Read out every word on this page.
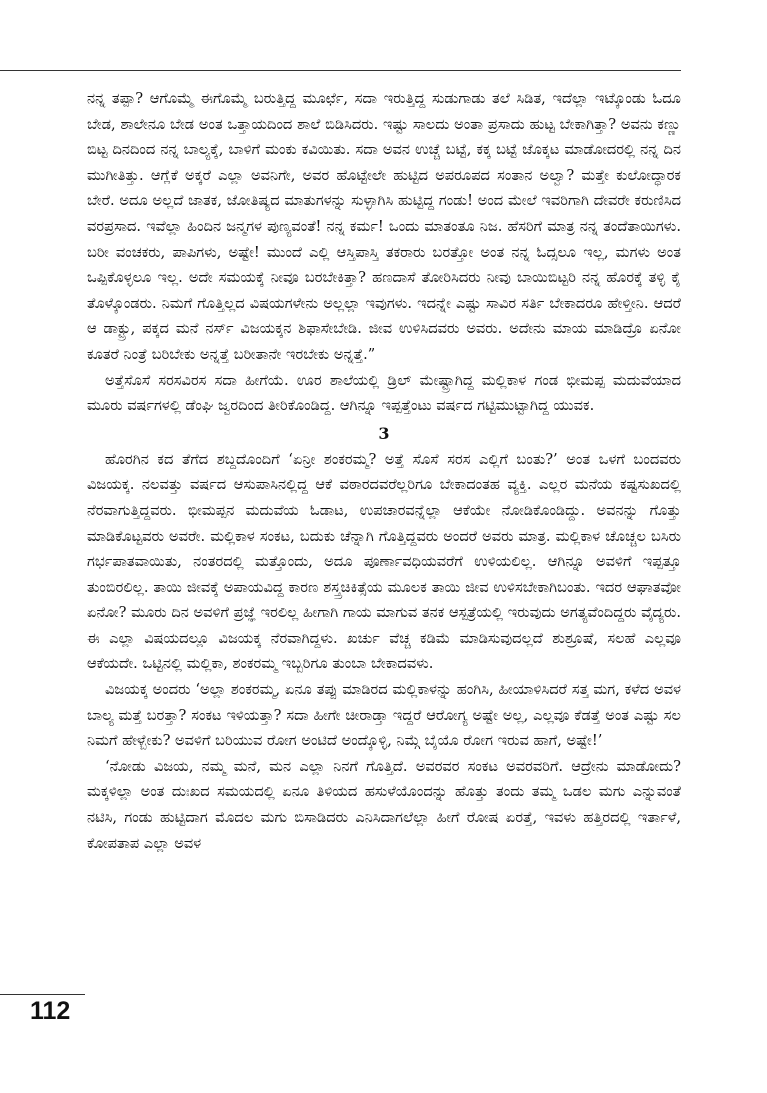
ನನ್ನ ತಪ್ಪಾ? ಆಗೊಮ್ಮೆ ಈಗೊಮ್ಮೆ ಬರುತ್ತಿದ್ದ ಮೂರ್ಛೆ, ಸದಾ ಇರುತ್ತಿದ್ದ ಸುಡುಗಾಡು ತಲೆ ಸಿಡಿತ, ಇದೆಲ್ಲಾ ಇಟ್ಕೊಂಡು ಓದೂ ಬೇಡ, ಶಾಲೇನೂ ಬೇಡ ಅಂತ ಒತ್ತಾಯದಿಂದ ಶಾಲೆ ಬಿಡಿಸಿದರು. ಇಷ್ಟು ಸಾಲದು ಅಂತಾ ಪ್ರಸಾದು ಹುಟ್ಟ ಬೇಕಾಗಿತ್ತಾ? ಅವನು ಕಣ್ಣು ಬಿಟ್ಟ ದಿನದಿಂದ ನನ್ನ ಬಾಲ್ಯಕ್ಕೆ, ಬಾಳಿಗೆ ಮಂಕು ಕವಿಯಿತು. ಸದಾ ಅವನ ಉಚ್ಚೆ ಬಟ್ಟೆ, ಕಕ್ಕ ಬಟ್ಟೆ ಜೊಕ್ಕಟ ಮಾಡೋದರಲ್ಲಿ ನನ್ನ ದಿನ ಮುಗೀತಿತ್ತು. ಆಗ್ಲೆಕೆ ಅಕ್ಕರೆ ಎಲ್ಲಾ ಅವನಿಗೇ, ಅವರ ಹೊಟ್ಟೇಲೇ ಹುಟ್ಟಿದ ಅಪರೂಪದ ಸಂತಾನ ಅಲ್ವಾ? ಮತ್ತೇ ಕುಲೋದ್ಧಾರಕ ಬೇರೆ. ಅದೂ ಅಲ್ಲದೆ ಜಾತಕ, ಜೋತಿಷ್ಯದ ಮಾತುಗಳನ್ನು ಸುಳ್ಳಾಗಿಸಿ ಹುಟ್ಟಿದ್ದ ಗಂಡು! ಅಂದ ಮೇಲೆ ಇವರಿಗಾಗಿ ದೇವರೇ ಕರುಣಿಸಿದ ವರಪ್ರಸಾದ. ಇವೆಲ್ಲಾ ಹಿಂದಿನ ಜನ್ಮಗಳ ಪುಣ್ಯವಂತೆ! ನನ್ನ ಕರ್ಮ! ಒಂದು ಮಾತಂತೂ ನಿಜ. ಹೆಸರಿಗೆ ಮಾತ್ರ ನನ್ನ ತಂದೆತಾಯಿಗಳು. ಬರೀ ವಂಚಕರು, ಪಾಪಿಗಳು, ಅಷ್ಟೇ! ಮುಂದೆ ಎಲ್ಲಿ ಆಸ್ತಿಪಾಸ್ತಿ ತಕರಾರು ಬರತ್ತೋ ಅಂತ ನನ್ನ ಓದ್ಸಲೂ ಇಲ್ಲ, ಮಗಳು ಅಂತ ಒಪ್ಪಿಕೊಳ್ಳಲೂ ಇಲ್ಲ. ಅದೇ ಸಮಯಕ್ಕೆ ನೀವೂ ಬರಬೇಕಿತ್ತಾ? ಹಣದಾಸೆ ತೋರಿಸಿದರು ನೀವು ಬಾಯಿಬಿಟ್ಟರಿ ನನ್ನ ಹೊರಕ್ಕೆ ತಳ್ಳಿ ಕೈ ತೊಳ್ಕೊಂಡರು. ನಿಮಗೆ ಗೊತ್ತಿಲ್ಲದ ವಿಷಯಗಳೇನು ಅಲ್ಲಲ್ಲಾ ಇವುಗಳು. ಇದನ್ನೇ ಎಷ್ಟು ಸಾವಿರ ಸರ್ತಿ ಬೇಕಾದರೂ ಹೇಳ್ತೀನಿ. ಆದರೆ ಆ ಡಾಕ್ಟ್ರು, ಪಕ್ಕದ ಮನೆ ನರ್ಸ್ ವಿಜಯಕ್ಕನ ಶಿಫಾಸೇಬೇಡಿ. ಜೀವ ಉಳಿಸಿದವರು ಅವರು. ಅದೇನು ಮಾಯ ಮಾಡಿದ್ರೊ ಏನೋ ಕೂತರೆ ನಿಂತ್ರೆ ಬರಿಬೇಕು ಅನ್ನತ್ತೆ ಬರೀತಾನೇ ಇರಬೇಕು ಅನ್ನತ್ತೆ.”

ಅತ್ತೆಸೊಸೆ ಸರಸವಿರಸ ಸದಾ ಹೀಗೆಯೆ. ಊರ ಶಾಲೆಯಲ್ಲಿ ಡ್ರಿಲ್ ಮೇಷ್ಟ್ರಾಗಿದ್ದ ಮಲ್ಲಿಕಾಳ ಗಂಡ ಭೀಮಪ್ಪ ಮದುವೆಯಾದ ಮೂರು ವರ್ಷಗಳಲ್ಲಿ ಡೆಂಘಿ ಜ್ವರದಿಂದ ತೀರಿಕೊಂಡಿದ್ದ. ಆಗಿನ್ನೂ ಇಪ್ಪತ್ತೆಂಟು ವರ್ಷದ ಗಟ್ಟಿಮುಟ್ಟಾಗಿದ್ದ ಯುವಕ.

3

ಹೊರಗಿನ ಕದ ತೆಗೆದ ಶಬ್ದದೊಂದಿಗೆ ‘ಏನ್ರೀ ಶಂಕರಮ್ಮ? ಅತ್ತೆ ಸೊಸೆ ಸರಸ ಎಲ್ಲಿಗೆ ಬಂತು?’ ಅಂತ ಒಳಗೆ ಬಂದವರು ವಿಜಯಕ್ಕ. ನಲವತ್ತು ವರ್ಷದ ಆಸುಪಾಸಿನಲ್ಲಿದ್ದ ಆಕೆ ವಠಾರದವರೆಲ್ಲರಿಗೂ ಬೇಕಾದಂತಹ ವ್ಯಕ್ತಿ. ಎಲ್ಲರ ಮನೆಯ ಕಷ್ಟಸುಖದಲ್ಲಿ ನೆರವಾಗುತ್ತಿದ್ದವರು. ಭೀಮಪ್ಪನ ಮದುವೆಯ ಓಡಾಟ, ಉಪಚಾರವನ್ನೆಲ್ಲಾ ಆಕೆಯೇ ನೋಡಿಕೊಂಡಿದ್ದು. ಅವನನ್ನು ಗೊತ್ತು ಮಾಡಿಕೊಟ್ಟವರು ಅವರೇ. ಮಲ್ಲಿಕಾಳ ಸಂಕಟ, ಬದುಕು ಚೆನ್ನಾಗಿ ಗೊತ್ತಿದ್ದವರು ಅಂದರೆ ಅವರು ಮಾತ್ರ. ಮಲ್ಲಿಕಾಳ ಚೊಚ್ಚಲ ಬಸಿರು ಗರ್ಭಪಾತವಾಯಿತು, ನಂತರದಲ್ಲಿ ಮತ್ತೊಂದು, ಅದೂ ಪೂರ್ಣಾವಧಿಯವರೆಗೆ ಉಳಿಯಲಿಲ್ಲ. ಆಗಿನ್ನೂ ಅವಳಿಗೆ ಇಪ್ಪತ್ತೂ ತುಂಬಿರಲಿಲ್ಲ. ತಾಯಿ ಜೀವಕ್ಕೆ ಅಪಾಯವಿದ್ದ ಕಾರಣ ಶಸ್ತ್ರಚಿಕಿತ್ಸೆಯ ಮೂಲಕ ತಾಯಿ ಜೀವ ಉಳಿಸಬೇಕಾಗಿಬಂತು. ಇದರ ಆಘಾತವೋ ಏನೋ? ಮೂರು ದಿನ ಅವಳಿಗೆ ಪ್ರಜ್ಞೆ ಇರಲಿಲ್ಲ ಹೀಗಾಗಿ ಗಾಯ ಮಾಗುವ ತನಕ ಆಸ್ಪತ್ರೆಯಲ್ಲಿ ಇರುವುದು ಅಗತ್ಯವೆಂದಿದ್ದರು ವೈದ್ಯರು. ಈ ಎಲ್ಲಾ ವಿಷಯದಲ್ಲೂ ವಿಜಯಕ್ಕ ನೆರವಾಗಿದ್ದಳು. ಖರ್ಚು ವೆಚ್ಚ ಕಡಿಮೆ ಮಾಡಿಸುವುದಲ್ಲದೆ ಶುಶ್ರೂಷೆ, ಸಲಹೆ ಎಲ್ಲವೂ ಆಕೆಯದೇ. ಒಟ್ಟಿನಲ್ಲಿ ಮಲ್ಲಿಕಾ, ಶಂಕರಮ್ಮ ಇಬ್ಬರಿಗೂ ತುಂಬಾ ಬೇಕಾದವಳು.

ವಿಜಯಕ್ಕ ಅಂದರು ‘ಅಲ್ಲಾ ಶಂಕರಮ್ಮ, ಏನೂ ತಪ್ಪು ಮಾಡಿರದ ಮಲ್ಲಿಕಾಳನ್ನು ಹಂಗಿಸಿ, ಹೀಯಾಳಿಸಿದರೆ ಸತ್ತ ಮಗ, ಕಳೆದ ಅವಳ ಬಾಲ್ಯ ಮತ್ತೆ ಬರತ್ತಾ? ಸಂಕಟ ಇಳಿಯತ್ತಾ? ಸದಾ ಹೀಗೇ ಚೀರಾಡ್ತಾ ಇದ್ದರೆ ಆರೋಗ್ಯ ಅಷ್ಟೇ ಅಲ್ಲ, ಎಲ್ಲವೂ ಕೆಡತ್ತೆ ಅಂತ ಎಷ್ಟು ಸಲ ನಿಮಗೆ ಹೇಳ್ಬೇಕು? ಅವಳಿಗೆ ಬರಿಯುವ ರೋಗ ಅಂಟಿದೆ ಅಂದ್ಕೊಳ್ಳಿ, ನಿಮ್ಗೆ ಬೈಯೊ ರೋಗ ಇರುವ ಹಾಗೆ, ಅಷ್ಟೇ!’

‘ನೋಡು ವಿಜಯ, ನಮ್ಮ ಮನೆ, ಮನ ಎಲ್ಲಾ ನಿನಗೆ ಗೊತ್ತಿದೆ. ಅವರವರ ಸಂಕಟ ಅವರವರಿಗೆ. ಆದ್ರೇನು ಮಾಡೋದು? ಮಕ್ಕಳಿಲ್ಲಾ ಅಂತ ದುಃಖದ ಸಮಯದಲ್ಲಿ ಏನೂ ತಿಳಿಯದ ಹಸುಳೆಯೊಂದನ್ನು ಹೊತ್ತು ತಂದು ತಮ್ಮ ಒಡಲ ಮಗು ಎನ್ನುವಂತೆ ನಟಿಸಿ, ಗಂಡು ಹುಟ್ಟಿದಾಗ ಮೊದಲ ಮಗು ಬಿಸಾಡಿದರು ಎನಿಸಿದಾಗಲೆಲ್ಲಾ ಹೀಗೆ ರೋಷ ಏರತ್ತೆ, ಇವಳು ಹತ್ತಿರದಲ್ಲಿ ಇರ್ತಾಳೆ, ಕೋಪತಾಪ ಎಲ್ಲಾ ಅವಳ

112
